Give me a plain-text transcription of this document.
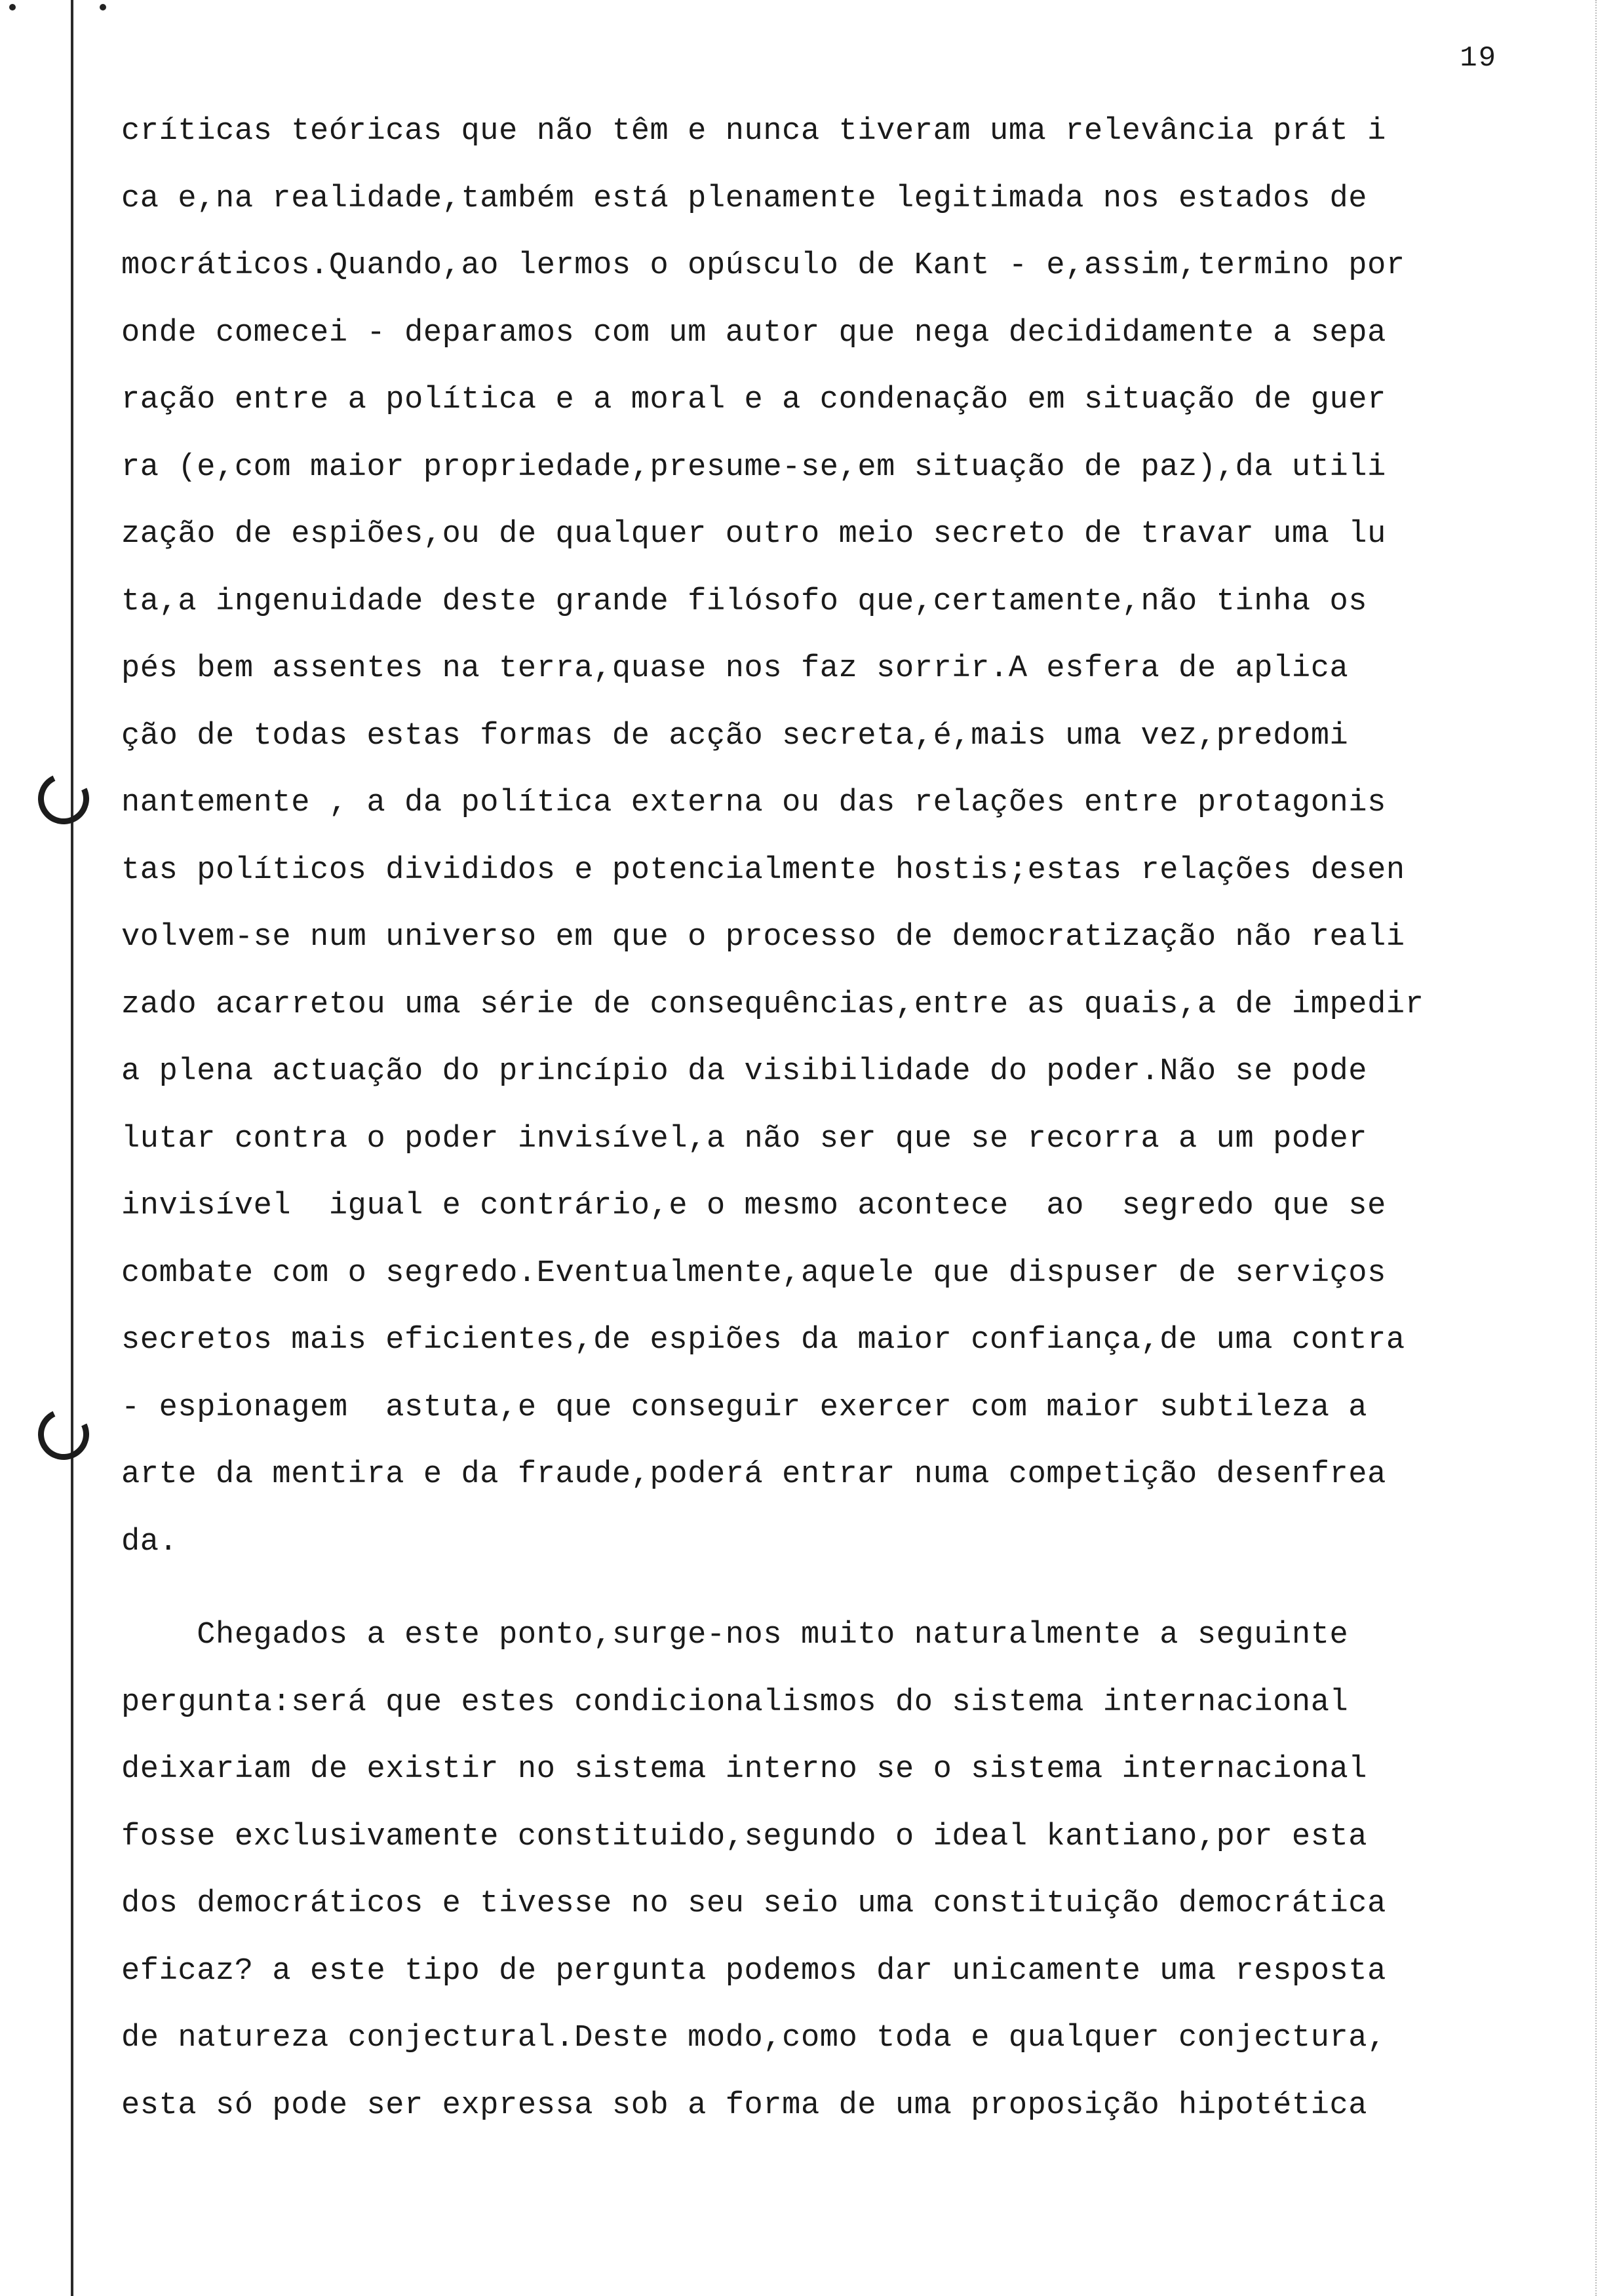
19
críticas teóricas que não têm e nunca tiveram uma relevância prát i
ca e,na realidade,também está plenamente legitimada nos estados de
mocráticos.Quando,ao lermos o opúsculo de Kant - e,assim,termino por
onde comecei - deparamos com um autor que nega decididamente a sepa
ração entre a política e a moral e a condenação em situação de guer
ra (e,com maior propriedade,presume-se,em situação de paz),da utili
zação de espiões,ou de qualquer outro meio secreto de travar uma lu
ta,a ingenuidade deste grande filósofo que,certamente,não tinha os
pés bem assentes na terra,quase nos faz sorrir.A esfera de aplica
ção de todas estas formas de acção secreta,é,mais uma vez,predomi
nantemente , a da política externa ou das relações entre protagonis
tas políticos divididos e potencialmente hostis;estas relações desen
volvem-se num universo em que o processo de democratização não reali
zado acarretou uma série de consequências,entre as quais,a de impedir
a plena actuação do princípio da visibilidade do poder.Não se pode
lutar contra o poder invisível,a não ser que se recorra a um poder
invisível  igual e contrário,e o mesmo acontece  ao  segredo que se
combate com o segredo.Eventualmente,aquele que dispuser de serviços
secretos mais eficientes,de espiões da maior confiança,de uma contra
- espionagem  astuta,e que conseguir exercer com maior subtileza a
arte da mentira e da fraude,poderá entrar numa competição desenfrea
da.
Chegados a este ponto,surge-nos muito naturalmente a seguinte
pergunta:será que estes condicionalismos do sistema internacional
deixariam de existir no sistema interno se o sistema internacional
fosse exclusivamente constituido,segundo o ideal kantiano,por esta
dos democráticos e tivesse no seu seio uma constituição democrática
eficaz? a este tipo de pergunta podemos dar unicamente uma resposta
de natureza conjectural.Deste modo,como toda e qualquer conjectura,
esta só pode ser expressa sob a forma de uma proposição hipotética
